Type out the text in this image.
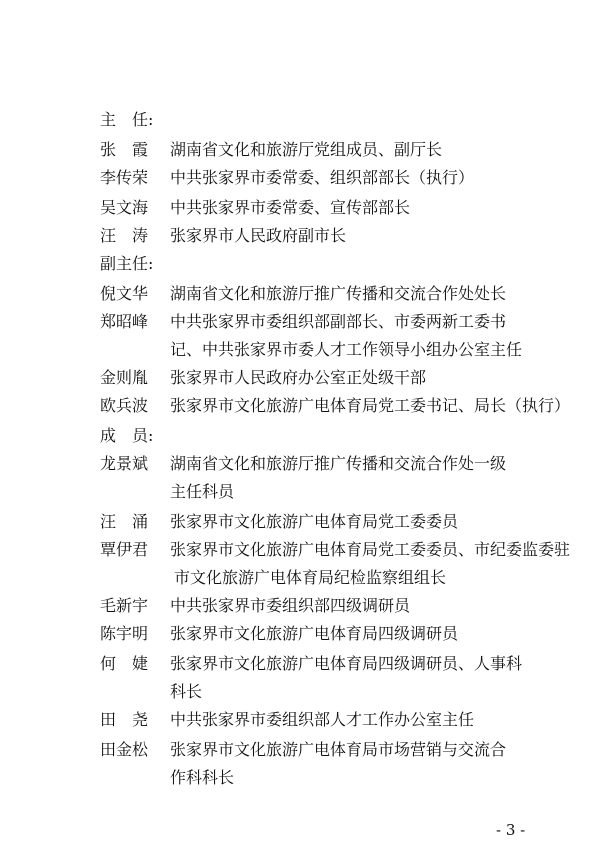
主　任:
张　霞	湖南省文化和旅游厅党组成员、副厅长
李传荣	中共张家界市委常委、组织部部长（执行）
吴文海	中共张家界市委常委、宣传部部长
汪　涛	张家界市人民政府副市长
副主任:
倪文华	湖南省文化和旅游厅推广传播和交流合作处处长
郑昭峰	中共张家界市委组织部副部长、市委两新工委书
记、中共张家界市委人才工作领导小组办公室主任
金则胤	张家界市人民政府办公室正处级干部
欧兵波	张家界市文化旅游广电体育局党工委书记、局长（执行）
成　员:
龙景斌	湖南省文化和旅游厅推广传播和交流合作处一级
主任科员
汪　涌	张家界市文化旅游广电体育局党工委委员
覃伊君	张家界市文化旅游广电体育局党工委委员、市纪委监委驻
市文化旅游广电体育局纪检监察组组长
毛新宇	中共张家界市委组织部四级调研员
陈宇明	张家界市文化旅游广电体育局四级调研员
何　婕	张家界市文化旅游广电体育局四级调研员、人事科
科长
田　尧	中共张家界市委组织部人才工作办公室主任
田金松	张家界市文化旅游广电体育局市场营销与交流合
作科科长
- 3 -
